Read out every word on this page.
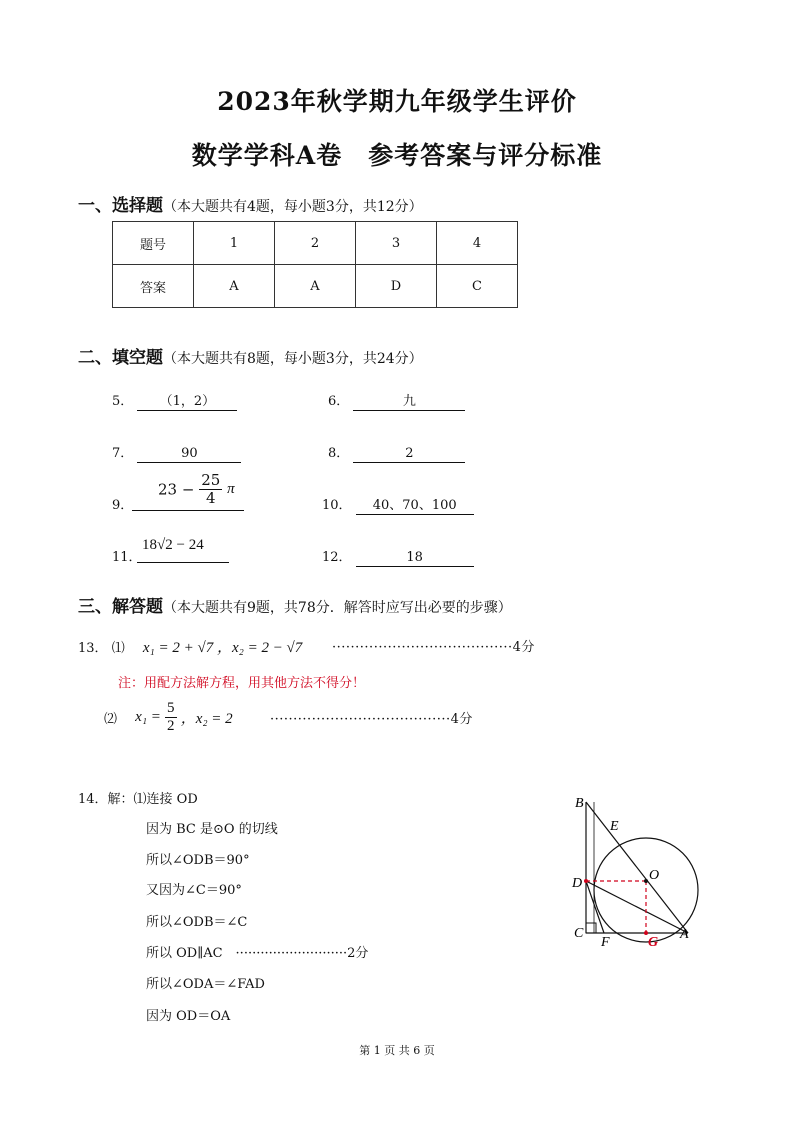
2023年秋学期九年级学生评价
数学学科A卷　参考答案与评分标准
一、选择题（本大题共有4题，每小题3分，共12分）
题号	1	2	3	4
答案	A	A	D	C
二、填空题（本大题共有8题，每小题3分，共24分）
5． （1，2）	6．	九
7．	90	8．	2
9．
$23 - \frac{25}{4}$ π
10． 40、70、100
11．
18√2 − 24
12．	18
三、解答题（本大题共有9题，共78分．解答时应写出必要的步骤）
13． ⑴ x₁ = 2 + √7 ，x₂ = 2 − √7 ·······································4分
注：用配方法解方程，用其他方法不得分！
⑵ $x_1 = \frac{5}{2}$ ，x₂ = 2	·······································4分
14．解：⑴连接 OD
因为 BC 是⊙O 的切线
所以∠ODB＝90°
又因为∠C＝90°
所以∠ODB＝∠C
所以 OD∥AC　···························2分
所以∠ODA＝∠FAD
因为 OD＝OA
B
E
O
D
C
F	G
A
第 1 页 共 6 页
